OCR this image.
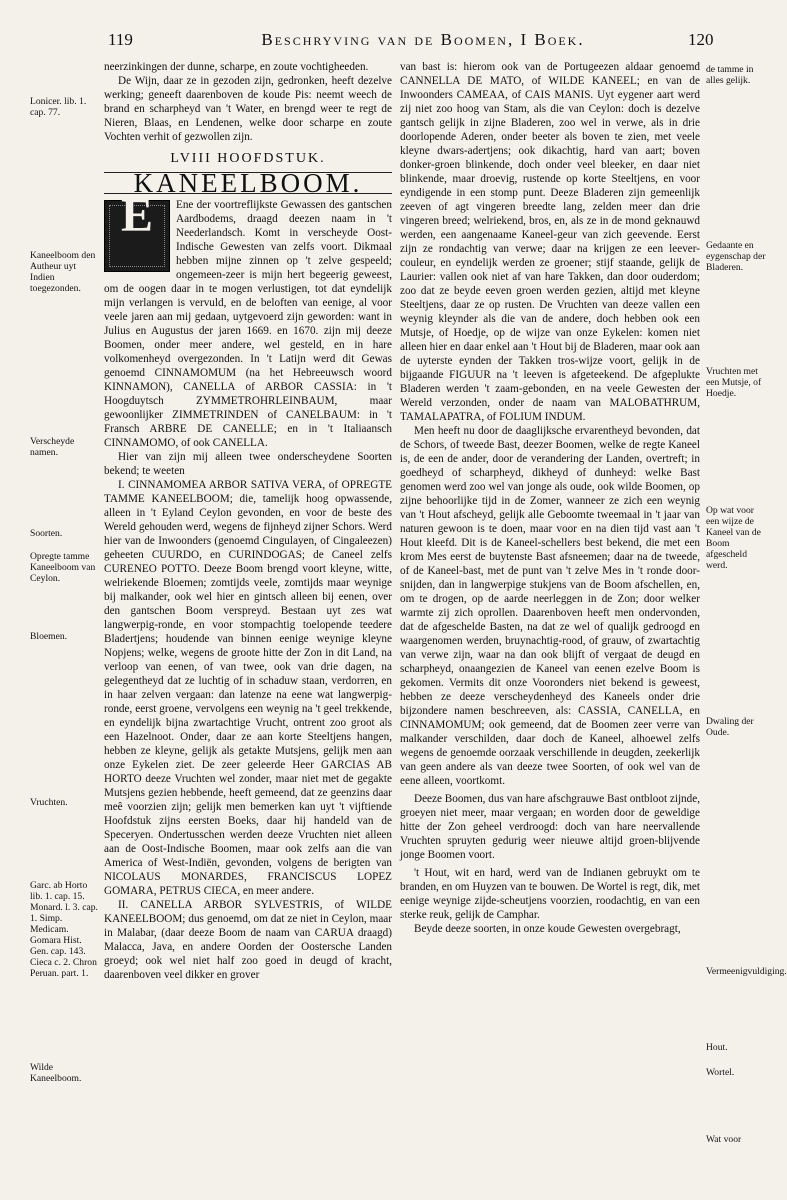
119	Beschryving van de Boomen, I Boek.	120

neerzinkingen der dunne, scharpe, en zoute vochtigheeden.

De Wijn, daar ze in gezoden zijn, gedronken, heeft dezelve werking; geneeft daarenboven de koude Pis: neemt weech de brand en scharpheyd van 't Water, en brengd weer te regt de Nieren, Blaas, en Lendenen, welke door scharpe en zoute Vochten verhit of gezwollen zijn.

LVIII HOOFDSTUK.
KANEELBOOM.
E	Ene der voortreflijkste Gewassen des gantschen Aardbodems, draagd deezen naam in 't Neederlandsch. Komt in verscheyde Oost-Indische Gewesten van zelfs voort. Dikmaal hebben mijne zinnen op 't zelve gespeeld; ongemeen-zeer is mijn hert begeerig geweest, om de oogen daar in te mogen verlustigen, tot dat eyndelijk mijn verlangen is vervuld, en de beloften van eenige, al voor veele jaren aan mij gedaan, uytgevoerd zijn geworden: want in Julius en Augustus der jaren 1669. en 1670. zijn mij deeze Boomen, onder meer andere, wel gesteld, en in hare volkomenheyd overgezonden. In 't Latijn werd dit Gewas genoemd CINNAMOMUM (na het Hebreeuwsch woord KINNAMON), CANELLA of ARBOR CASSIA: in 't Hoogduytsch ZYMMETROHRLEINBAUM, maar gewoonlijker ZIMMETRINDEN of CANELBAUM: in 't Fransch ARBRE DE CANELLE; en in 't Italiaansch CINNAMOMO, of ook CANELLA.

Hier van zijn mij alleen twee onderscheydene Soorten bekend; te weeten

I. CINNAMOMEA ARBOR SATIVA VERA, of OPREGTE TAMME KANEELBOOM; die, tamelijk hoog opwassende, alleen in 't Eyland Ceylon gevonden, en voor de beste des Wereld gehouden werd, wegens de fijnheyd zijner Schors. Werd hier van de Inwoonders (genoemd Cingulayen, of Cingaleezen) geheeten CUURDO, en CURINDOGAS; de Caneel zelfs CURENEO POTTO. Deeze Boom brengd voort kleyne, witte, welriekende Bloemen; zomtijds veele, zomtijds maar weynige bij malkander, ook wel hier en gintsch alleen bij eenen, over den gantschen Boom verspreyd. Bestaan uyt zes wat langwerpig-ronde, en voor stompachtig toelopende teedere Bladertjens; houdende van binnen eenige weynige kleyne Nopjens; welke, wegens de groote hitte der Zon in dit Land, na verloop van eenen, of van twee, ook van drie dagen, na gelegentheyd dat ze luchtig of in schaduw staan, verdorren, en in haar zelven vergaan: dan latenze na eene wat langwerpig-ronde, eerst groene, vervolgens een weynig na 't geel trekkende, en eyndelijk bijna zwartachtige Vrucht, ontrent zoo groot als een Hazelnoot. Onder, daar ze aan korte Steeltjens hangen, hebben ze kleyne, gelijk als getakte Mutsjens, gelijk men aan onze Eykelen ziet. De zeer geleerde Heer GARCIAS AB HORTO deeze Vruchten wel zonder, maar niet met de gegakte Mutsjens gezien hebbende, heeft gemeend, dat ze geenzins daar meê voorzien zijn; gelijk men bemerken kan uyt 't vijftiende Hoofdstuk zijns eersten Boeks, daar hij handeld van de Speceryen. Ondertusschen werden deeze Vruchten niet alleen aan de Oost-Indische Boomen, maar ook zelfs aan die van America of West-Indiën, gevonden, volgens de berigten van NICOLAUS MONARDES, FRANCISCUS LOPEZ GOMARA, PETRUS CIECA, en meer andere.

II. CANELLA ARBOR SYLVESTRIS, of WILDE KANEELBOOM; dus genoemd, om dat ze niet in Ceylon, maar in Malabar, (daar deeze Boom de naam van CARUA draagd) Malacca, Java, en andere Oorden der Oostersche Landen groeyd; ook wel niet half zoo goed in deugd of kracht, daarenboven veel dikker en grover

van bast is: hierom ook van de Portugeezen aldaar genoemd CANNELLA DE MATO, of WILDE KANEEL; en van de Inwoonders CAMEAA, of CAIS MANIS. Uyt eygener aart werd zij niet zoo hoog van Stam, als die van Ceylon: doch is dezelve gantsch gelijk in zijne Bladeren, zoo wel in verwe, als in drie doorlopende Aderen, onder beeter als boven te zien, met veele kleyne dwars-adertjens; ook dikachtig, hard van aart; boven donker-groen blinkende, doch onder veel bleeker, en daar niet blinkende, maar droevig, rustende op korte Steeltjens, en voor eyndigende in een stomp punt. Deeze Bladeren zijn gemeenlijk zeeven of agt vingeren breedte lang, zelden meer dan drie vingeren breed; welriekend, bros, en, als ze in de mond geknauwd werden, een aangenaame Kaneel-geur van zich geevende. Eerst zijn ze rondachtig van verwe; daar na krijgen ze een leever-couleur, en eyndelijk werden ze groener; stijf staande, gelijk de Laurier: vallen ook niet af van hare Takken, dan door ouderdom; zoo dat ze beyde eeven groen werden gezien, altijd met kleyne Steeltjens, daar ze op rusten. De Vruchten van deeze vallen een weynig kleynder als die van de andere, doch hebben ook een Mutsje, of Hoedje, op de wijze van onze Eykelen: komen niet alleen hier en daar enkel aan 't Hout bij de Bladeren, maar ook aan de uyterste eynden der Takken tros-wijze voort, gelijk in de bijgaande FIGUUR na 't leeven is afgeteekend. De afgeplukte Bladeren werden 't zaam-gebonden, en na veele Gewesten der Wereld verzonden, onder de naam van MALOBATHRUM, TAMALAPATRA, of FOLIUM INDUM.

Men heeft nu door de daaglijksche ervarentheyd bevonden, dat de Schors, of tweede Bast, deezer Boomen, welke de regte Kaneel is, de een de ander, door de verandering der Landen, overtreft; in goedheyd of scharpheyd, dikheyd of dunheyd: welke Bast genomen werd zoo wel van jonge als oude, ook wilde Boomen, op zijne behoorlijke tijd in de Zomer, wanneer ze zich een weynig van 't Hout afscheyd, gelijk alle Geboomte tweemaal in 't jaar van naturen gewoon is te doen, maar voor en na dien tijd vast aan 't Hout kleefd. Dit is de Kaneel-schellers best bekend, die met een krom Mes eerst de buytenste Bast afsneemen; daar na de tweede, of de Kaneel-bast, met de punt van 't zelve Mes in 't ronde door-snijden, dan in langwerpige stukjens van de Boom afschellen, en, om te drogen, op de aarde neerleggen in de Zon; door welker warmte zij zich oprollen. Daarenboven heeft men ondervonden, dat de afgeschelde Basten, na dat ze wel of qualijk gedroogd en waargenomen werden, bruynachtig-rood, of grauw, of zwartachtig van verwe zijn, waar na dan ook blijft of vergaat de deugd en scharpheyd, onaangezien de Kaneel van eenen ezelve Boom is gekomen. Vermits dit onze Vooronders niet bekend is geweest, hebben ze deeze verscheydenheyd des Kaneels onder drie bijzondere namen beschreeven, als: CASSIA, CANELLA, en CINNAMOMUM; ook gemeend, dat de Boomen zeer verre van malkander verschilden, daar doch de Kaneel, alhoewel zelfs wegens de genoemde oorzaak verschillende in deugden, zeekerlijk van geen andere als van deeze twee Soorten, of ook wel van de eene alleen, voortkomt.

Deeze Boomen, dus van hare afschgrauwe Bast ontbloot zijnde, groeyen niet meer, maar vergaan; en worden door de geweldige hitte der Zon geheel verdroogd: doch van hare neervallende Vruchten spruyten gedurig weer nieuwe altijd groen-blijvende jonge Boomen voort.

't Hout, wit en hard, werd van de Indianen gebruykt om te branden, en om Huyzen van te bouwen. De Wortel is regt, dik, met eenige weynige zijde-scheutjens voorzien, roodachtig, en van een sterke reuk, gelijk de Camphar.

Beyde deeze soorten, in onze koude Gewesten overgebragt,

Lonicer. lib. 1. cap. 77.
Kaneelboom den Autheur uyt Indien toegezonden.
Verscheyde namen.
Soorten.
Opregte tamme Kaneelboom van Ceylon.
Bloemen.
Vruchten.
Garc. ab Horto lib. 1. cap. 15. Monard. l. 3. cap. 1. Simp. Medicam. Gomara Hist. Gen. cap. 143. Cieca c. 2. Chron Peruan. part. 1.
Wilde Kaneelboom.
de tamme in alles gelijk.
Gedaante en eygenschap der Bladeren.
Vruchten met een Mutsje, of Hoedje.
Op wat voor een wijze de Kaneel van de Boom afgescheld werd.
Dwaling der Oude.
Vermeenigvuldiging.
Hout.
Wortel.
Wat voor
